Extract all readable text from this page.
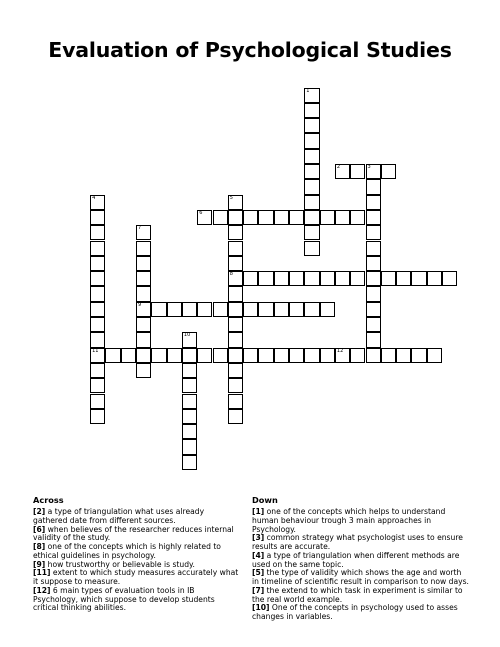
Evaluation of Psychological Studies
1
2	3
4
11
5
8
6
7
9
10
12
Across

[2] a type of triangulation what uses already gathered date from different sources.

[6] when believes of the researcher reduces internal validity of the study.

[8] one of the concepts which is highly related to ethical guidelines in psychology.

[9] how trustworthy or believable is study.

[11] extent to which study measures accurately what it suppose to measure.

[12] 6 main types of evaluation tools in IB Psychology, which suppose to develop students critical thinking abilities.

Down

[1] one of the concepts which helps to understand human behaviour trough 3 main approaches in Psychology.

[3] common strategy what psychologist uses to ensure results are accurate.

[4] a type of triangulation when different methods are used on the same topic.

[5] the type of validity which shows the age and worth in timeline of scientific result in comparison to now days.

[7] the extend to which task in experiment is similar to the real world example.

[10] One of the concepts in psychology used to asses changes in variables.
